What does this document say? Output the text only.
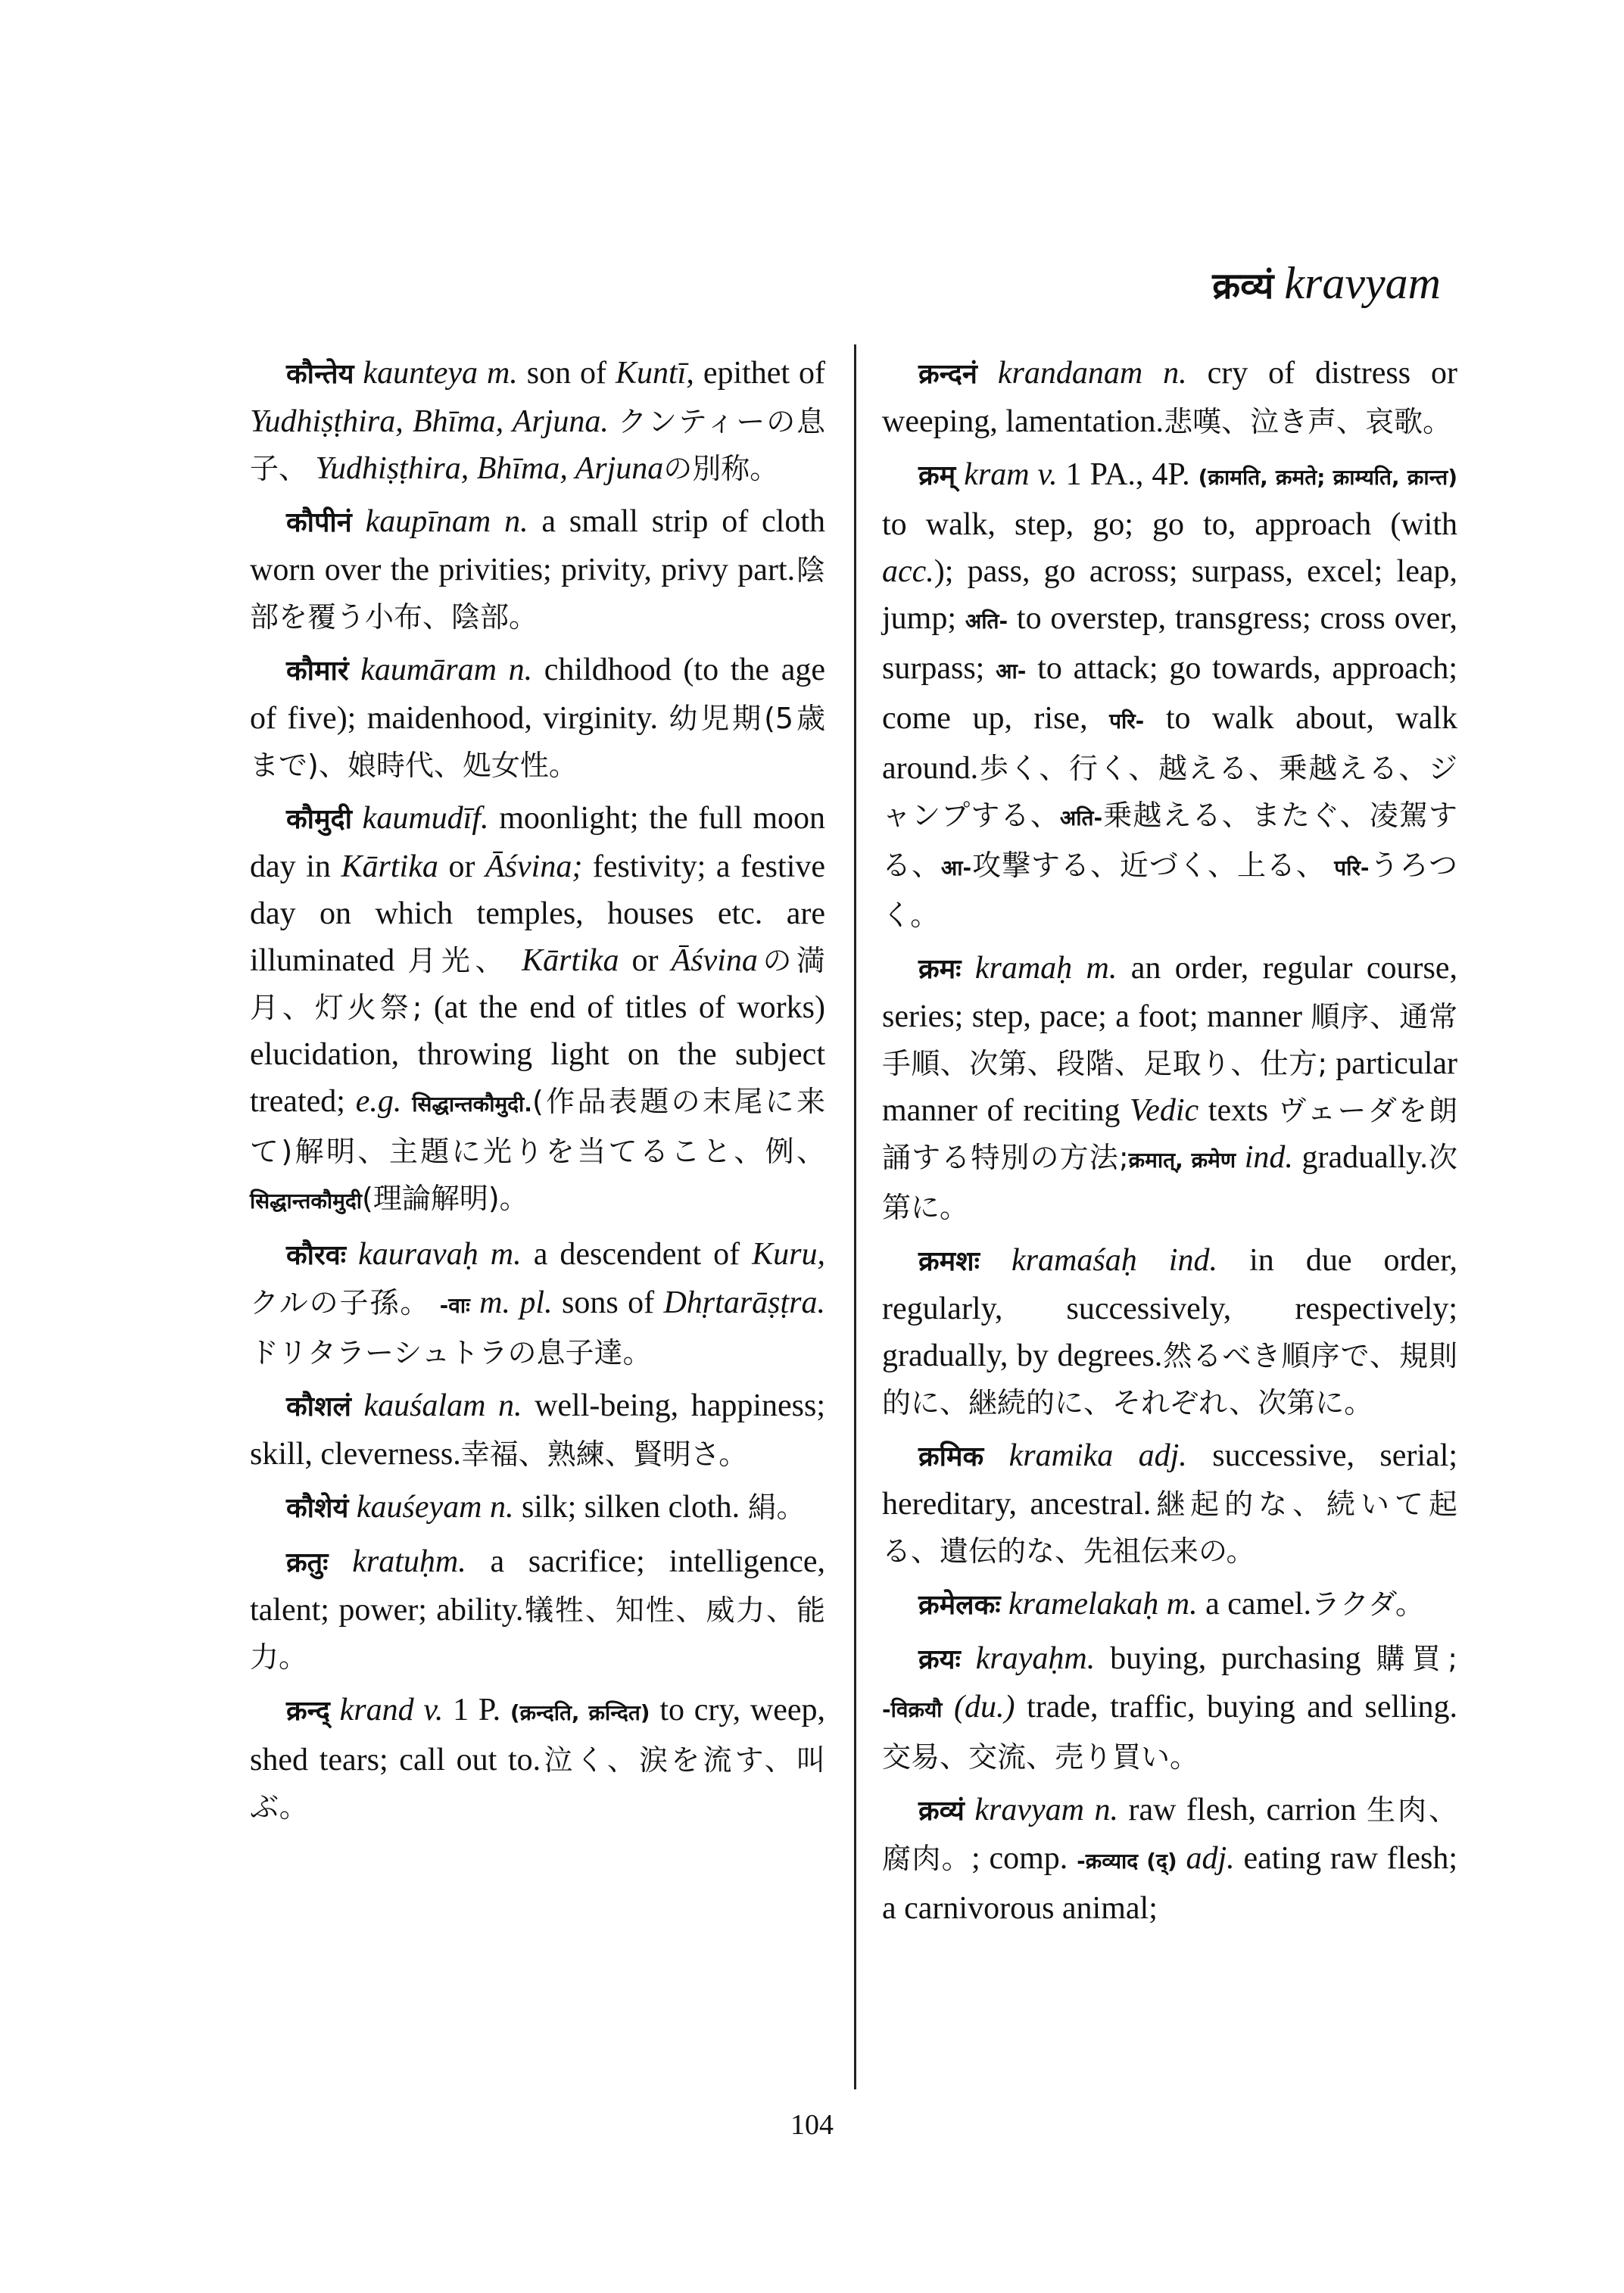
क्रव्यं kravyam

कौन्तेय kaunteya m. son of Kuntī, epithet of Yudhiṣṭhira, Bhīma, Arjuna. クンティーの息子、 Yudhiṣṭhira, Bhīma, Arjunaの別称。

कौपीनं kaupīnam n. a small strip of cloth worn over the privities; privity, privy part.陰部を覆う小布、陰部。

कौमारं kaumāram n. childhood (to the age of five); maidenhood, virginity. 幼児期(5歳まで)、娘時代、処女性。

कौमुदी kaumudīf. moonlight; the full moon day in Kārtika or Āśvina; festivity; a festive day on which temples, houses etc. are illuminated 月光、 Kārtika or Āśvinaの満月、灯火祭; (at the end of titles of works) elucidation, throwing light on the subject treated; e.g. सिद्धान्तकौमुदी.(作品表題の末尾に来て)解明、主題に光りを当てること、例、सिद्धान्तकौमुदी(理論解明)。

कौरवः kauravaḥ m. a descendent of Kuru, クルの子孫。 -वाः m. pl. sons of Dhṛtarāṣṭra.ドリタラーシュトラの息子達。

कौशलं kauśalam n. well-being, happiness; skill, cleverness.幸福、熟練、賢明さ。

कौशेयं kauśeyam n. silk; silken cloth. 絹。

क्रतुः kratuḥm. a sacrifice; intelligence, talent; power; ability.犠牲、知性、威力、能力。

क्रन्द् krand v. 1 P. (क्रन्दति, क्रन्दित) to cry, weep, shed tears; call out to.泣く、涙を流す、叫ぶ。

क्रन्दनं krandanam n. cry of distress or weeping, lamentation.悲嘆、泣き声、哀歌。

क्रम् kram v. 1 PA., 4P. (क्रामति, क्रमते; क्राम्यति, क्रान्त) to walk, step, go; go to, approach (with acc.); pass, go across; surpass, excel; leap, jump; अति- to overstep, transgress; cross over, surpass; आ- to attack; go towards, approach; come up, rise, परि- to walk about, walk around.歩く、行く、越える、乗越える、ジャンプする、अति-乗越える、またぐ、凌駕する、आ-攻撃する、近づく、上る、 परि-うろつく。

क्रमः kramaḥ m. an order, regular course, series; step, pace; a foot; manner 順序、通常手順、次第、段階、足取り、仕方; particular manner of reciting Vedic texts ヴェーダを朗誦する特別の方法;क्रमात्, क्रमेण ind. gradually.次第に。

क्रमशः kramaśaḥ ind. in due order, regularly, successively, respectively; gradually, by degrees.然るべき順序で、規則的に、継続的に、それぞれ、次第に。

क्रमिक kramika adj. successive, serial; hereditary, ancestral.継起的な、続いて起る、遺伝的な、先祖伝来の。

क्रमेलकः kramelakaḥ m. a camel.ラクダ。

क्रयः krayaḥm. buying, purchasing 購買; -विक्रयौ (du.) trade, traffic, buying and selling.交易、交流、売り買い。

क्रव्यं kravyam n. raw flesh, carrion 生肉、腐肉。; comp. -क्रव्याद (द्) adj. eating raw flesh; a carnivorous animal;

104
